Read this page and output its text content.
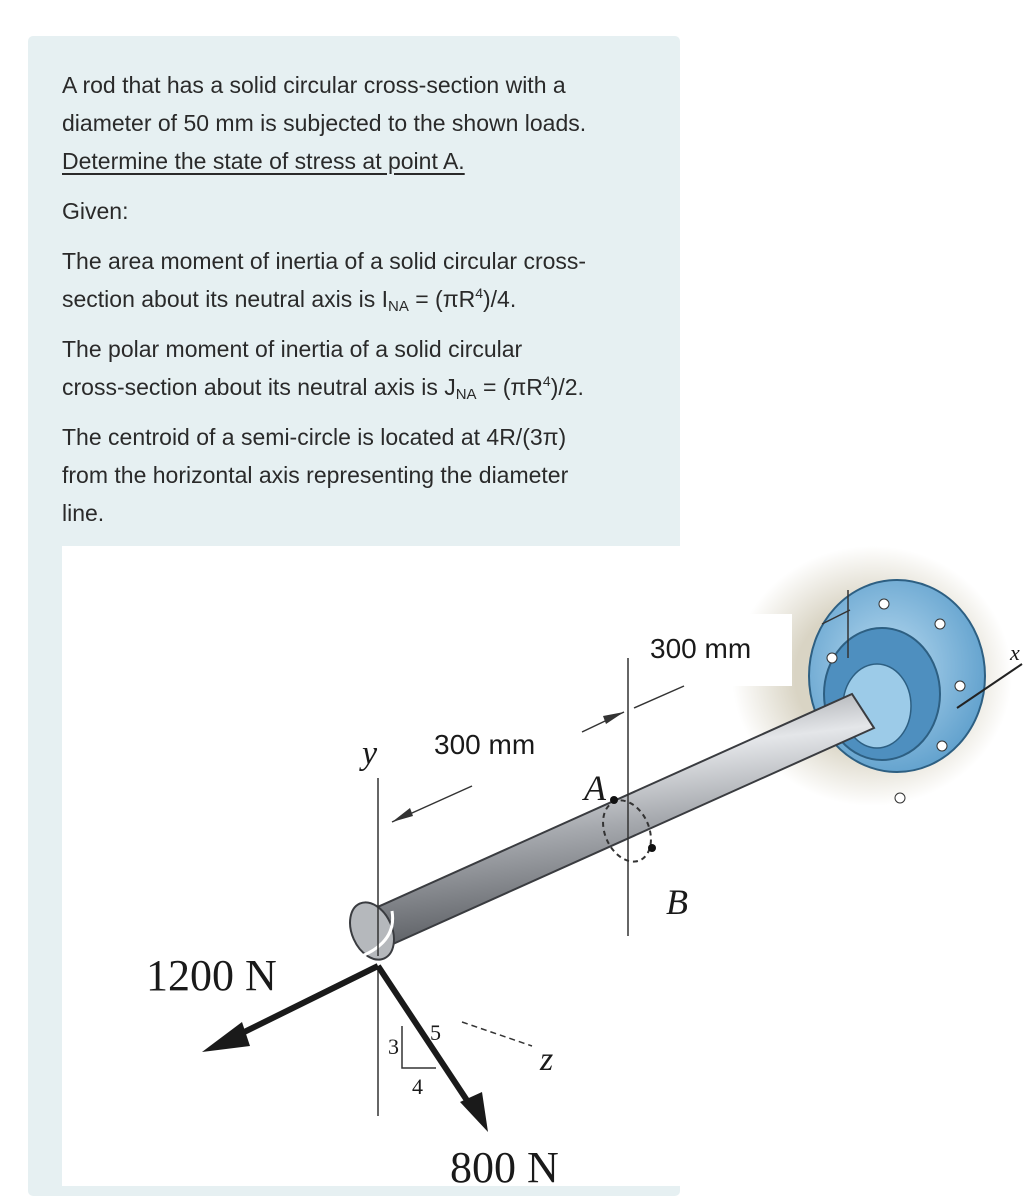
A rod that has a solid circular cross-section with a
diameter of 50 mm is subjected to the shown loads.
Determine the state of stress at point A.

Given:

The area moment of inertia of a solid circular cross-
section about its neutral axis is $I_{NA} = (\pi R^4)/4$.

The polar moment of inertia of a solid circular
cross-section about its neutral axis is $J_{NA} = (\pi R^4)/2$.

The centroid of a semi-circle is located at 4R/(3π)
from the horizontal axis representing the diameter
line.

300 mm	x
300 mm
y
A
B
z
1200 N
3
4
5
800 N
